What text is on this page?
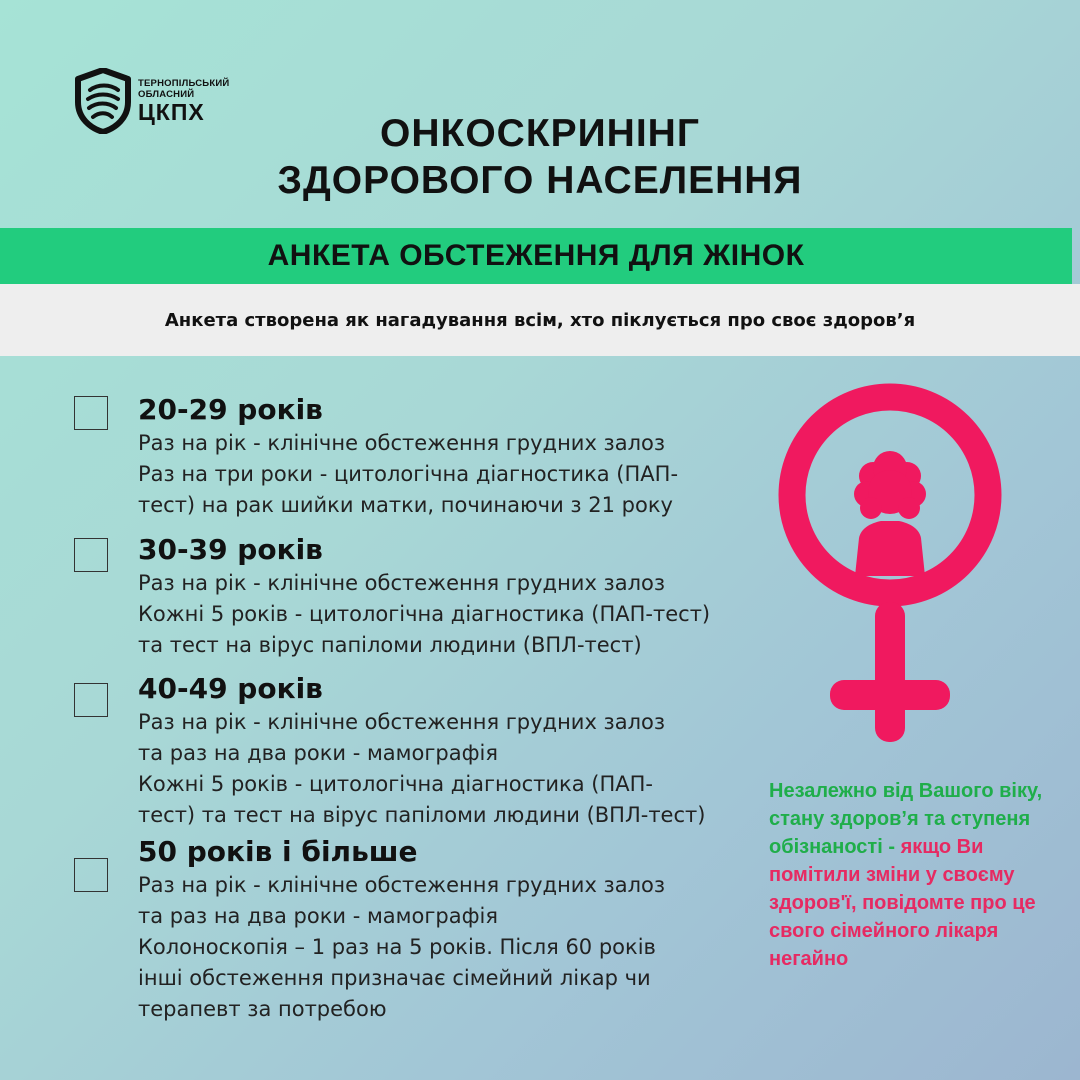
ТЕРНОПІЛЬСЬКИЙ
ОБЛАСНИЙ
ЦКПХ	ОНКОСКРИНІНГ
ЗДОРОВОГО НАСЕЛЕННЯ
АНКЕТА ОБСТЕЖЕННЯ ДЛЯ ЖІНОК
Анкета створена як нагадування всім, хто піклується про своє здоров’я
20-29 років
Раз на рік - клінічне обстеження грудних залоз
Раз на три роки - цитологічна діагностика (ПАП-
тест) на рак шийки матки, починаючи з 21 року
30-39 років
Раз на рік - клінічне обстеження грудних залоз
Кожні 5 років - цитологічна діагностика (ПАП-тест)
та тест на вірус папіломи людини (ВПЛ-тест)
40-49 років
Раз на рік - клінічне обстеження грудних залоз
та раз на два роки - мамографія
Кожні 5 років - цитологічна діагностика (ПАП-
тест) та тест на вірус папіломи людини (ВПЛ-тест)
50 років і більше
Раз на рік - клінічне обстеження грудних залоз
та раз на два роки - мамографія
Колоноскопія – 1 раз на 5 років. Після 60 років
інші обстеження призначає сімейний лікар чи
терапевт за потребою
Незалежно від Вашого віку, стану здоров’я та ступеня обізнаності - якщо Ви помітили зміни у своєму здоров'ї, повідомте про це свого сімейного лікаря негайно
